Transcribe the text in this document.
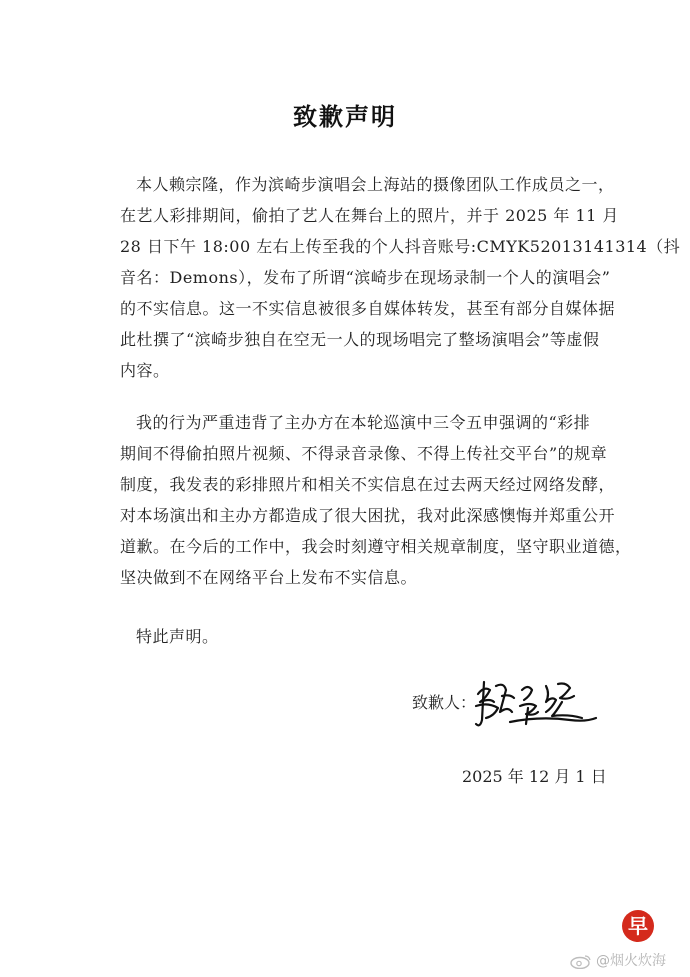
致歉声明
本人赖宗隆，作为滨崎步演唱会上海站的摄像团队工作成员之一，
在艺人彩排期间，偷拍了艺人在舞台上的照片，并于 2025 年 11 月
28 日下午 18:00 左右上传至我的个人抖音账号:CMYK52013141314（抖
音名：Demons），发布了所谓“滨崎步在现场录制一个人的演唱会”
的不实信息。这一不实信息被很多自媒体转发，甚至有部分自媒体据
此杜撰了“滨崎步独自在空无一人的现场唱完了整场演唱会”等虚假
内容。
我的行为严重违背了主办方在本轮巡演中三令五申强调的“彩排
期间不得偷拍照片视频、不得录音录像、不得上传社交平台”的规章
制度，我发表的彩排照片和相关不实信息在过去两天经过网络发酵，
对本场演出和主办方都造成了很大困扰，我对此深感懊悔并郑重公开
道歉。在今后的工作中，我会时刻遵守相关规章制度，坚守职业道德，
坚决做到不在网络平台上发布不实信息。
特此声明。
致歉人：
2025 年 12 月 1 日
早
@烟火炊海
